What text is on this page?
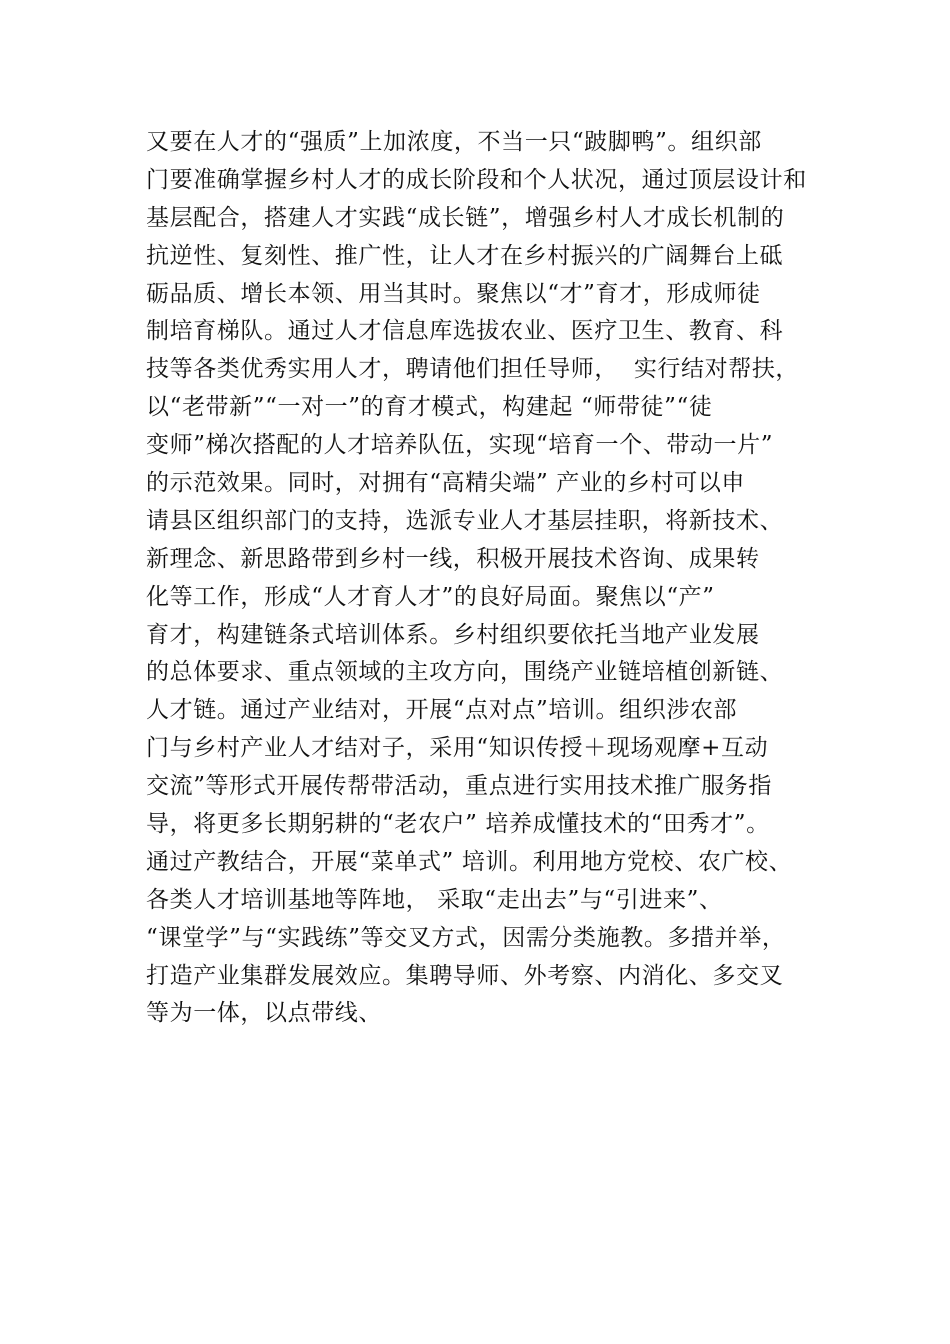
又要在人才的“强质”上加浓度，不当一只“跛脚鸭”。组织部
门要准确掌握乡村人才的成长阶段和个人状况，通过顶层设计和
基层配合，搭建人才实践“成长链”，增强乡村人才成长机制的
抗逆性、复刻性、推广性，让人才在乡村振兴的广阔舞台上砥
砺品质、增长本领、用当其时。聚焦以“才”育才，形成师徒
制培育梯队。通过人才信息库选拔农业、医疗卫生、教育、科
技等各类优秀实用人才，聘请他们担任导师，  实行结对帮扶，
以“老带新”“一对一”的育才模式，构建起 “师带徒”“徒
变师”梯次搭配的人才培养队伍，实现“培育一个、带动一片”
的示范效果。同时，对拥有“高精尖端” 产业的乡村可以申
请县区组织部门的支持，选派专业人才基层挂职，将新技术、
新理念、新思路带到乡村一线，积极开展技术咨询、成果转
化等工作，形成“人才育人才”的良好局面。聚焦以“产”
育才，构建链条式培训体系。乡村组织要依托当地产业发展
的总体要求、重点领域的主攻方向，围绕产业链培植创新链、
人才链。通过产业结对，开展“点对点”培训。组织涉农部
门与乡村产业人才结对子，采用“知识传授＋现场观摩+互动
交流”等形式开展传帮带活动，重点进行实用技术推广服务指
导，将更多长期躬耕的“老农户” 培养成懂技术的“田秀才”。
通过产教结合，开展“菜单式” 培训。利用地方党校、农广校、
各类人才培训基地等阵地， 采取“走出去”与“引进来”、
“课堂学”与“实践练”等交叉方式，因需分类施教。多措并举，
打造产业集群发展效应。集聘导师、外考察、内消化、多交叉
等为一体，以点带线、
